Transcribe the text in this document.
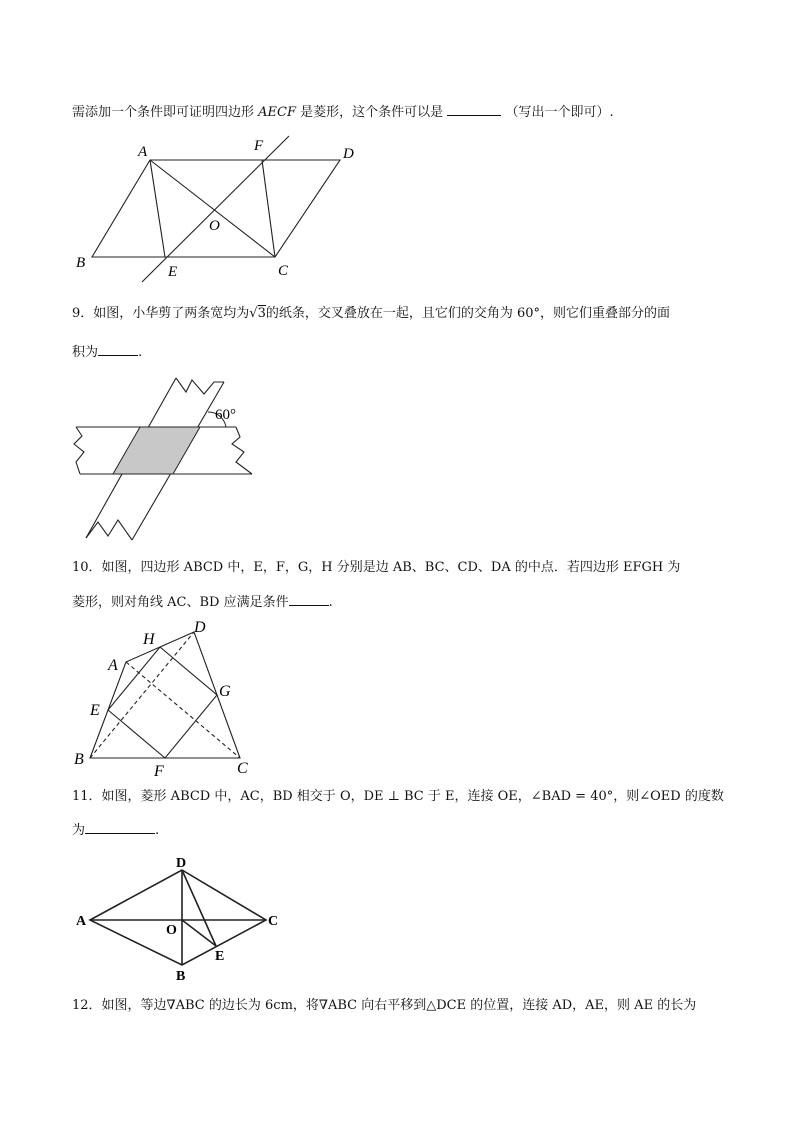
需添加一个条件即可证明四边形 AECF 是菱形，这个条件可以是	（写出一个即可）.
A	F	D
O
B
E	C
9．如图，小华剪了两条宽均为√3的纸条，交叉叠放在一起，且它们的交角为 60°，则它们重叠部分的面
积为	.
60°
10．如图，四边形 ABCD 中，E，F，G，H 分别是边 AB、BC、CD、DA 的中点．若四边形 EFGH 为
菱形，则对角线 AC、BD 应满足条件	.
H
D
A
G
E
B
F	C
11．如图，菱形 ABCD 中，AC，BD 相交于 O，DE ⊥ BC 于 E，连接 OE，∠BAD = 40°，则∠OED 的度数
为	.
D
A
O
C
E
B
12．如图，等边∇ABC 的边长为 6cm，将∇ABC 向右平移到△DCE 的位置，连接 AD，AE，则 AE 的长为
